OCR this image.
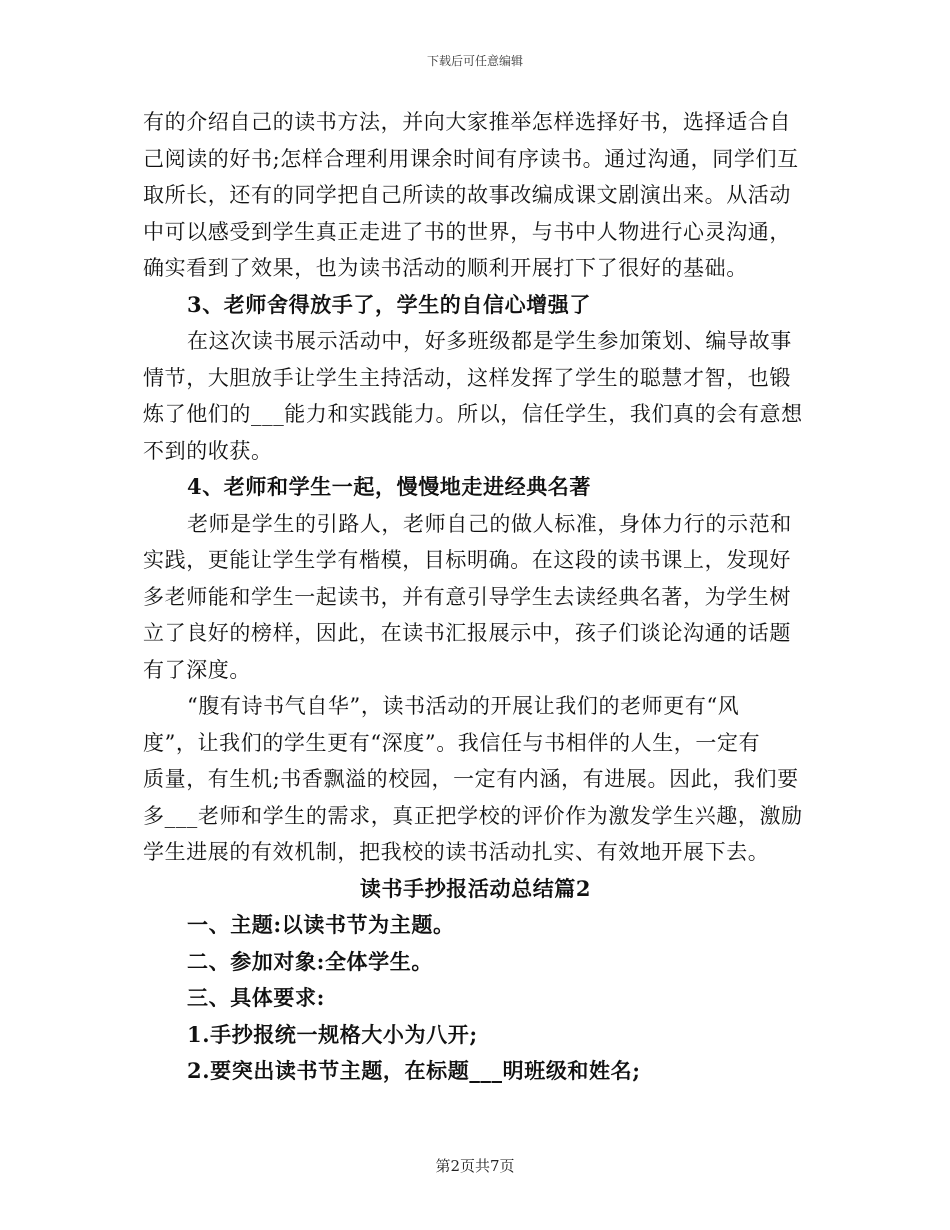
下载后可任意编辑
有的介绍自己的读书方法，并向大家推举怎样选择好书，选择适合自
己阅读的好书;怎样合理利用课余时间有序读书。通过沟通，同学们互
取所长，还有的同学把自己所读的故事改编成课文剧演出来。从活动
中可以感受到学生真正走进了书的世界，与书中人物进行心灵沟通，
确实看到了效果，也为读书活动的顺利开展打下了很好的基础。
3、老师舍得放手了，学生的自信心增强了
在这次读书展示活动中，好多班级都是学生参加策划、编导故事
情节，大胆放手让学生主持活动，这样发挥了学生的聪慧才智，也锻
炼了他们的___能力和实践能力。所以，信任学生，我们真的会有意想
不到的收获。
4、老师和学生一起，慢慢地走进经典名著
老师是学生的引路人，老师自己的做人标准，身体力行的示范和
实践，更能让学生学有楷模，目标明确。在这段的读书课上，发现好
多老师能和学生一起读书，并有意引导学生去读经典名著，为学生树
立了良好的榜样，因此，在读书汇报展示中，孩子们谈论沟通的话题
有了深度。
“腹有诗书气自华”，读书活动的开展让我们的老师更有“风
度”，让我们的学生更有“深度”。我信任与书相伴的人生，一定有
质量，有生机;书香飘溢的校园，一定有内涵，有进展。因此，我们要
多___老师和学生的需求，真正把学校的评价作为激发学生兴趣，激励
学生进展的有效机制，把我校的读书活动扎实、有效地开展下去。
读书手抄报活动总结篇2
一、主题:以读书节为主题。
二、参加对象:全体学生。
三、具体要求:
1.手抄报统一规格大小为八开;
2.要突出读书节主题，在标题___明班级和姓名;
第2页共7页
